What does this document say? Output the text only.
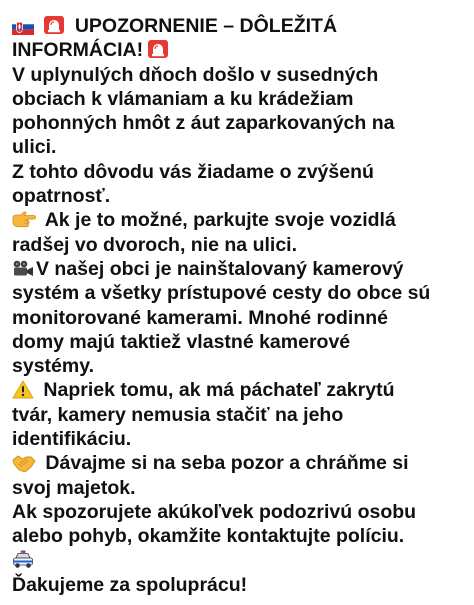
UPOZORNENIE – DÔLEŽITÁ
INFORMÁCIA!
V uplynulých dňoch došlo v susedných
obciach k vlámaniam a ku krádežiam
pohonných hmôt z áut zaparkovaných na
ulici.
Z tohto dôvodu vás žiadame o zvýšenú
opatrnosť.
Ak je to možné, parkujte svoje vozidlá
radšej vo dvoroch, nie na ulici.
V našej obci je nainštalovaný kamerový
systém a všetky prístupové cesty do obce sú
monitorované kamerami. Mnohé rodinné
domy majú taktiež vlastné kamerové
systémy.
Napriek tomu, ak má páchateľ zakrytú
tvár, kamery nemusia stačiť na jeho
identifikáciu.
Dávajme si na seba pozor a chráňme si
svoj majetok.
Ak spozorujete akúkoľvek podozrivú osobu
alebo pohyb, okamžite kontaktujte políciu.
Ďakujeme za spoluprácu!
